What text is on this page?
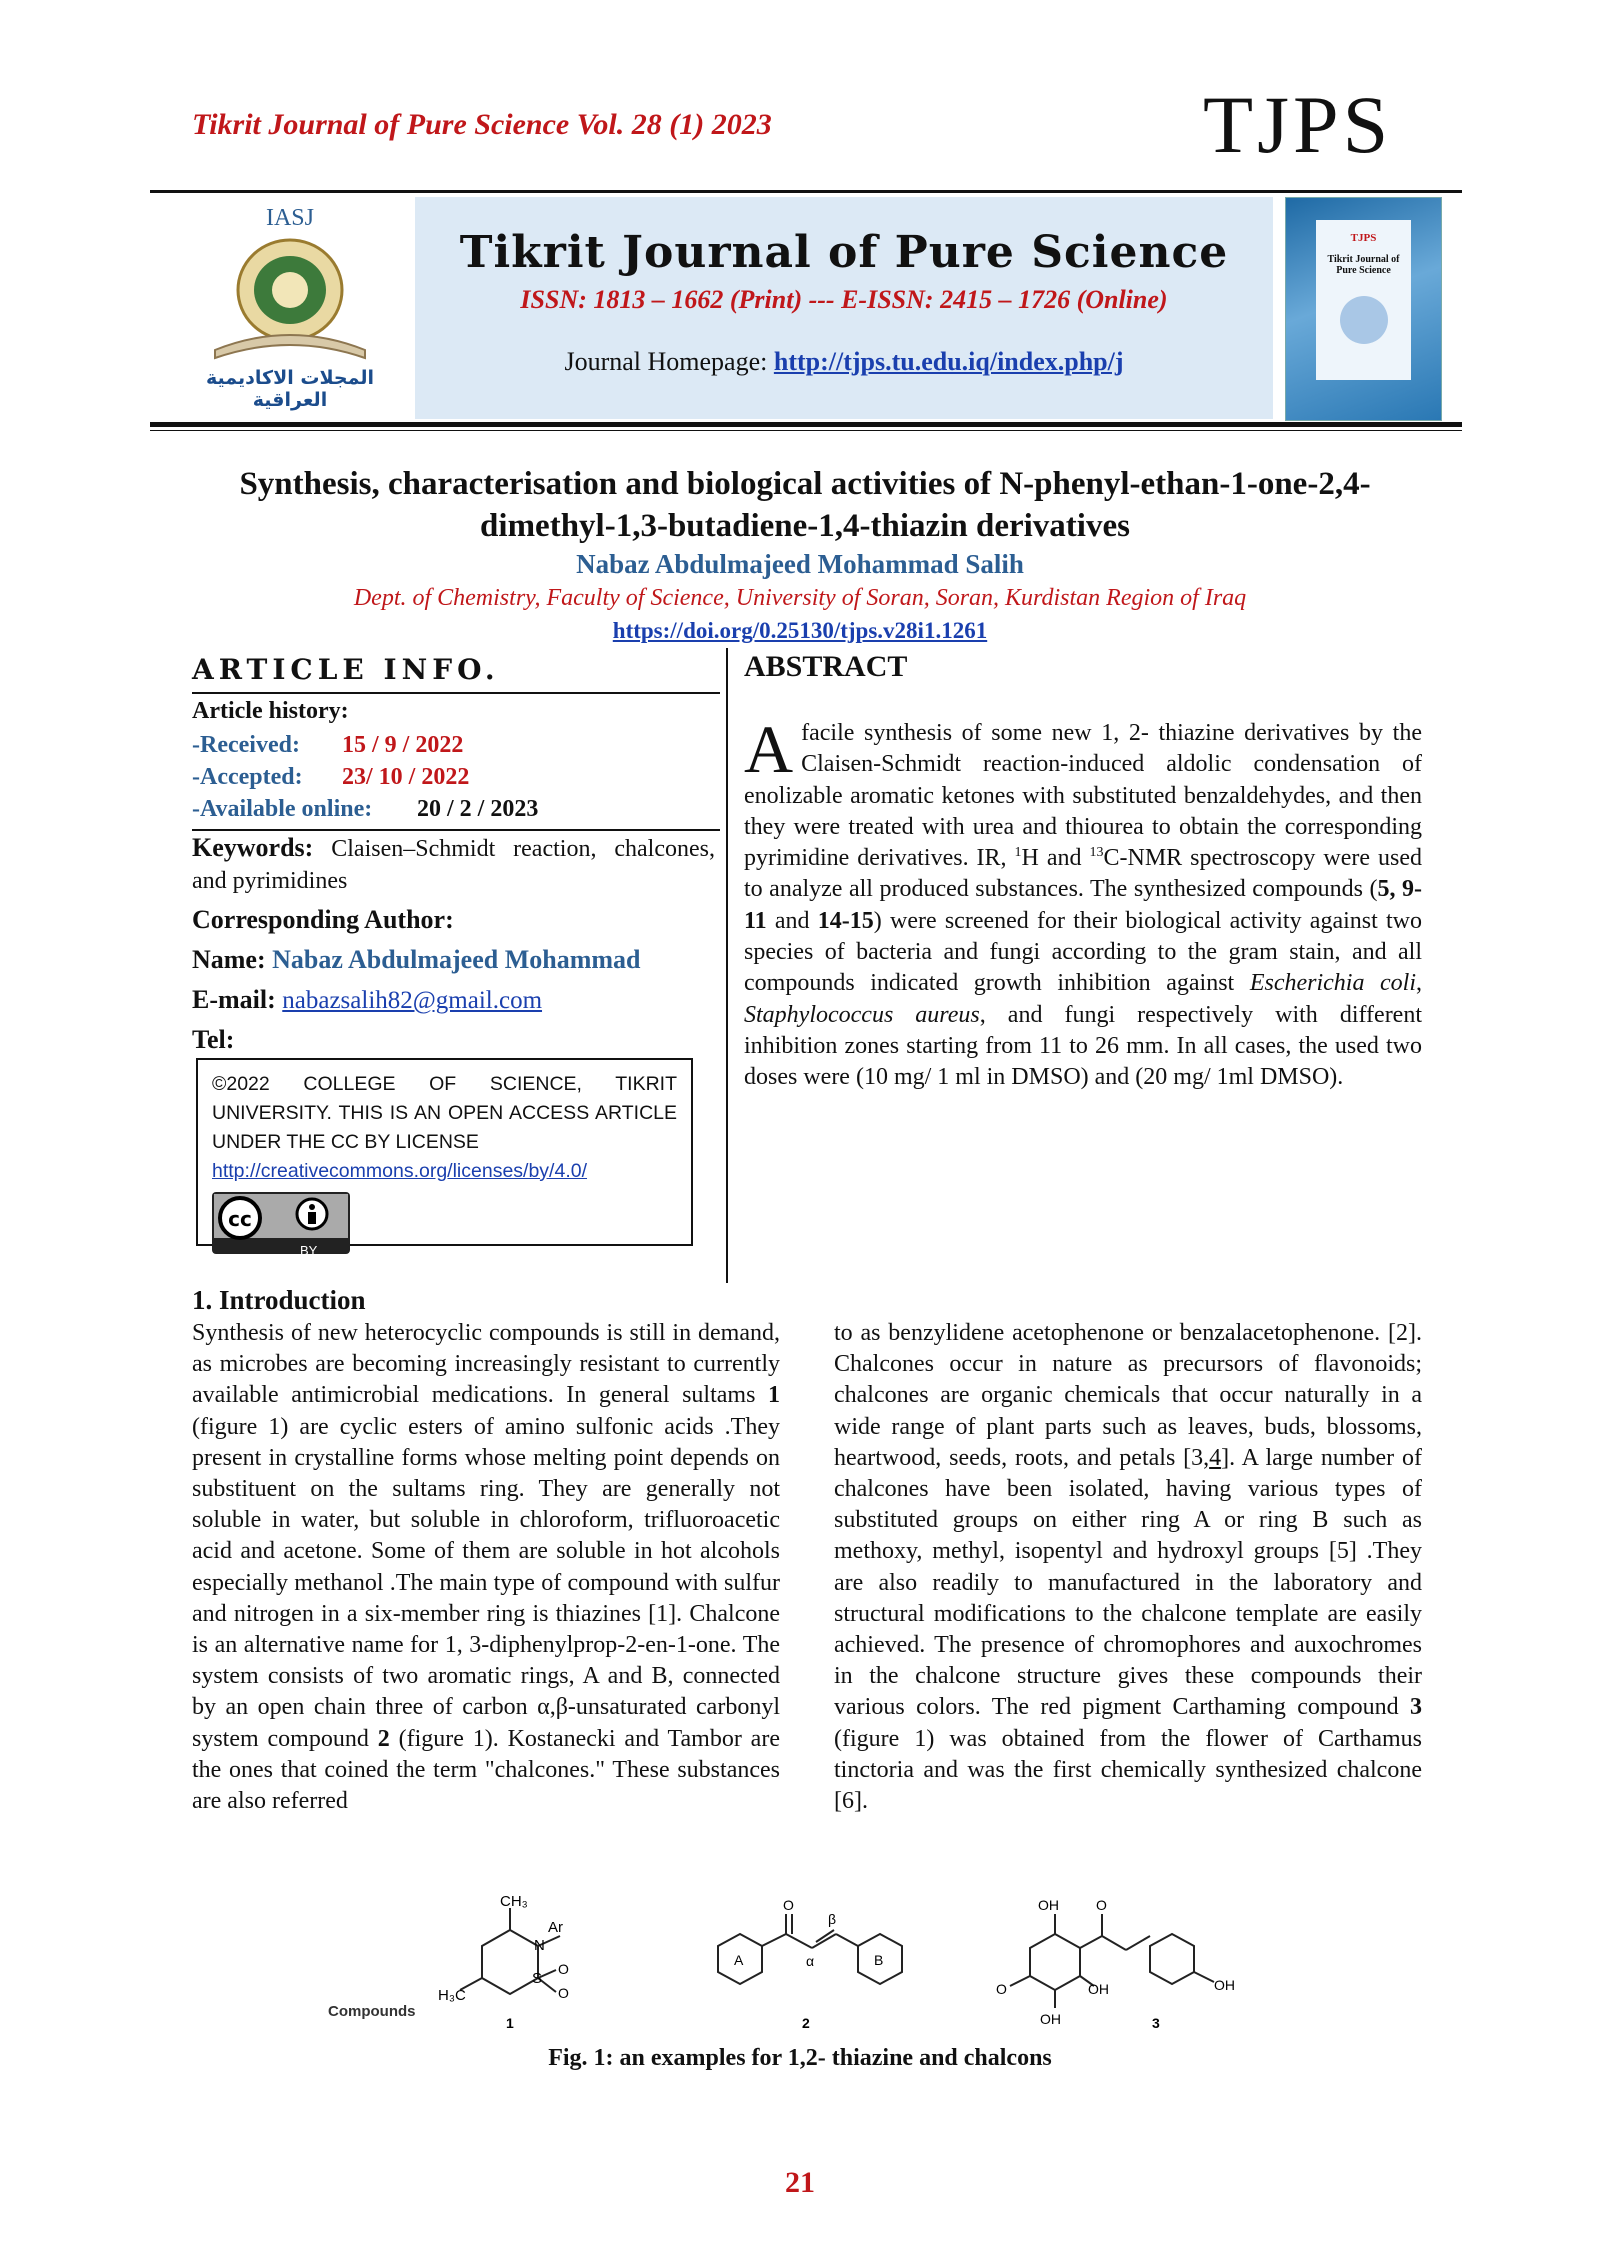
Tikrit Journal of Pure Science Vol. 28 (1) 2023	TJPS
IASJ
المجلات الاكاديمية العراقية
Tikrit Journal of Pure Science
ISSN: 1813 – 1662 (Print) --- E-ISSN: 2415 – 1726 (Online)
Journal Homepage: http://tjps.tu.edu.iq/index.php/j
TJPS
Tikrit Journal of Pure Science
Synthesis, characterisation and biological activities of N-phenyl-ethan-1-one-2,4-dimethyl-1,3-butadiene-1,4-thiazin derivatives
Nabaz Abdulmajeed Mohammad Salih
Dept. of Chemistry, Faculty of Science, University of Soran, Soran, Kurdistan Region of Iraq
https://doi.org/0.25130/tjps.v28i1.1261
ARTICLE INFO.
Article history:
-Received: 15 / 9 / 2022
-Accepted: 23/ 10 / 2022
-Available online: 20 / 2 / 2023
Keywords: Claisen–Schmidt reaction, chalcones, and pyrimidines
Corresponding Author:
Name: Nabaz Abdulmajeed Mohammad
E-mail: nabazsalih82@gmail.com
Tel:
©2022 COLLEGE OF SCIENCE, TIKRIT UNIVERSITY. THIS IS AN OPEN ACCESS ARTICLE UNDER THE CC BY LICENSE
http://creativecommons.org/licenses/by/4.0/
cc
BY
ABSTRACT
A facile synthesis of some new 1, 2- thiazine derivatives by the Claisen-Schmidt reaction-induced aldolic condensation of enolizable aromatic ketones with substituted benzaldehydes, and then they were treated with urea and thiourea to obtain the corresponding pyrimidine derivatives. IR, $^1$H and $^{13}$C-NMR spectroscopy were used to analyze all produced substances. The synthesized compounds (5, 9-11 and 14-15) were screened for their biological activity against two species of bacteria and fungi according to the gram stain, and all compounds indicated growth inhibition against Escherichia coli, Staphylococcus aureus, and fungi respectively with different inhibition zones starting from 11 to 26 mm. In all cases, the used two doses were (10 mg/ 1 ml in DMSO) and (20 mg/ 1ml DMSO).
1. Introduction
Synthesis of new heterocyclic compounds is still in demand, as microbes are becoming increasingly resistant to currently available antimicrobial medications. In general sultams 1 (figure 1) are cyclic esters of amino sulfonic acids .They present in crystalline forms whose melting point depends on substituent on the sultams ring. They are generally not soluble in water, but soluble in chloroform, trifluoroacetic acid and acetone. Some of them are soluble in hot alcohols especially methanol .The main type of compound with sulfur and nitrogen in a six-member ring is thiazines [1]. Chalcone is an alternative name for 1, 3-diphenylprop-2-en-1-one. The system consists of two aromatic rings, A and B, connected by an open chain three of carbon α,β-unsaturated carbonyl system compound 2 (figure 1). Kostanecki and Tambor are the ones that coined the term "chalcones." These substances are also referred
to as benzylidene acetophenone or benzalacetophenone. [2]. Chalcones occur in nature as precursors of flavonoids; chalcones are organic chemicals that occur naturally in a wide range of plant parts such as leaves, buds, blossoms, heartwood, seeds, roots, and petals [3,4]. A large number of chalcones have been isolated, having various types of substituted groups on either ring A or ring B such as methoxy, methyl, isopentyl and hydroxyl groups [5] .They are also readily to manufactured in the laboratory and structural modifications to the chalcone template are easily achieved. The presence of chromophores and auxochromes in the chalcone structure gives these compounds their various colors. The red pigment Carthaming compound 3 (figure 1) was obtained from the flower of Carthamus tinctoria and was the first chemically synthesized chalcone [6].
Compounds
CH₃
H₃C
N
Ar
S
O
O
1
O
A	B
α
β
2
OH	O
O	OH
OH
OH
3
Fig. 1: an examples for 1,2- thiazine and chalcons
21
